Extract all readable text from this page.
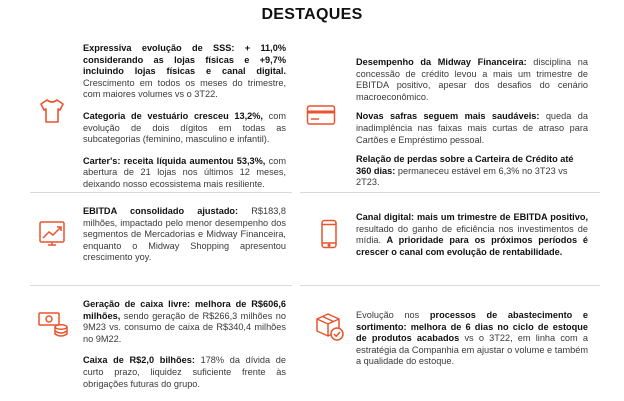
DESTAQUES

Expressiva evolução de SSS: + 11,0% considerando as lojas físicas e +9,7% incluindo lojas físicas e canal digital. Crescimento em todos os meses do trimestre, com maiores volumes vs o 3T22.

Categoria de vestuário cresceu 13,2%, com evolução de dois dígitos em todas as subcategorias (feminino, masculino e infantil).

Carter's: receita líquida aumentou 53,3%, com abertura de 21 lojas nos últimos 12 meses, deixando nosso ecossistema mais resiliente.

EBITDA consolidado ajustado: R$183,8 milhões, impactado pelo menor desempenho dos segmentos de Mercadorias e Midway Financeira, enquanto o Midway Shopping apresentou crescimento yoy.

Geração de caixa livre: melhora de R$606,6 milhões, sendo geração de R$266,3 milhões no 9M23 vs. consumo de caixa de R$340,4 milhões no 9M22.

Caixa de R$2,0 bilhões: 178% da dívida de curto prazo, liquidez suficiente frente às obrigações futuras do grupo.

Desempenho da Midway Financeira: disciplina na concessão de crédito levou a mais um trimestre de EBITDA positivo, apesar dos desafios do cenário macroeconômico.

Novas safras seguem mais saudáveis: queda da inadimplência nas faixas mais curtas de atraso para Cartões e Empréstimo pessoal.

Relação de perdas sobre a Carteira de Crédito até 360 dias: permaneceu estável em 6,3% no 3T23 vs 2T23.

Canal digital: mais um trimestre de EBITDA positivo, resultado do ganho de eficiência nos investimentos de mídia. A prioridade para os próximos períodos é crescer o canal com evolução de rentabilidade.

Evolução nos processos de abastecimento e sortimento: melhora de 6 dias no ciclo de estoque de produtos acabados vs o 3T22, em linha com a estratégia da Companhia em ajustar o volume e também a qualidade do estoque.
